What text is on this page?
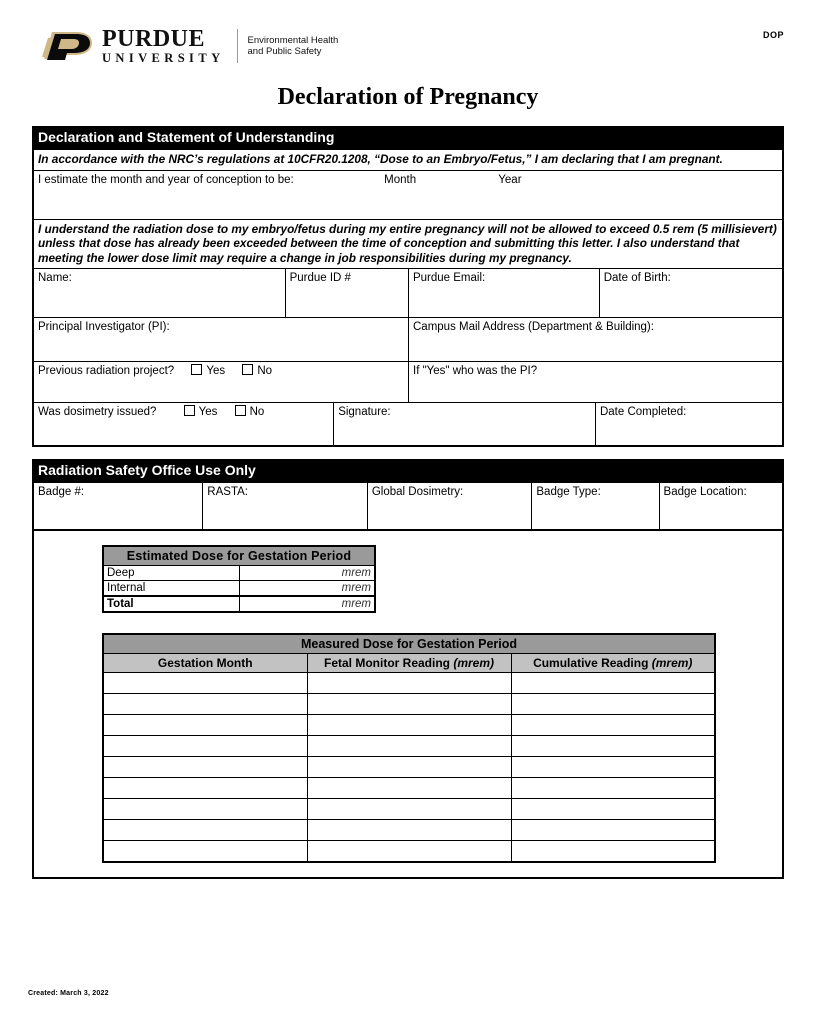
PURDUE
UNIVERSITY
Environmental Health
and Public Safety
DOP
Declaration of Pregnancy
Declaration and Statement of Understanding
In accordance with the NRC’s regulations at 10CFR20.1208, “Dose to an Embryo/Fetus,” I am declaring that I am pregnant.
I estimate the month and year of conception to be:	Month	Year
I understand the radiation dose to my embryo/fetus during my entire pregnancy will not be allowed to exceed 0.5 rem (5 millisievert) unless that dose has already been exceeded between the time of conception and submitting this letter. I also understand that meeting the lower dose limit may require a change in job responsibilities during my pregnancy.
Name:	Purdue ID #	Purdue Email:	Date of Birth:
Principal Investigator (PI):	Campus Mail Address (Department & Building):
Previous radiation project?	Yes	No	If "Yes" who was the PI?
Was dosimetry issued?	Yes	No	Signature:	Date Completed:
Radiation Safety Office Use Only
Badge #:	RASTA:	Global Dosimetry:	Badge Type:	Badge Location:
Estimated Dose for Gestation Period	
Deep	mrem
Internal	mrem
Total	mrem
Measured Dose for Gestation Period		
Gestation Month	Fetal Monitor Reading (mrem)	Cumulative Reading (mrem)

Created: March 3, 2022
